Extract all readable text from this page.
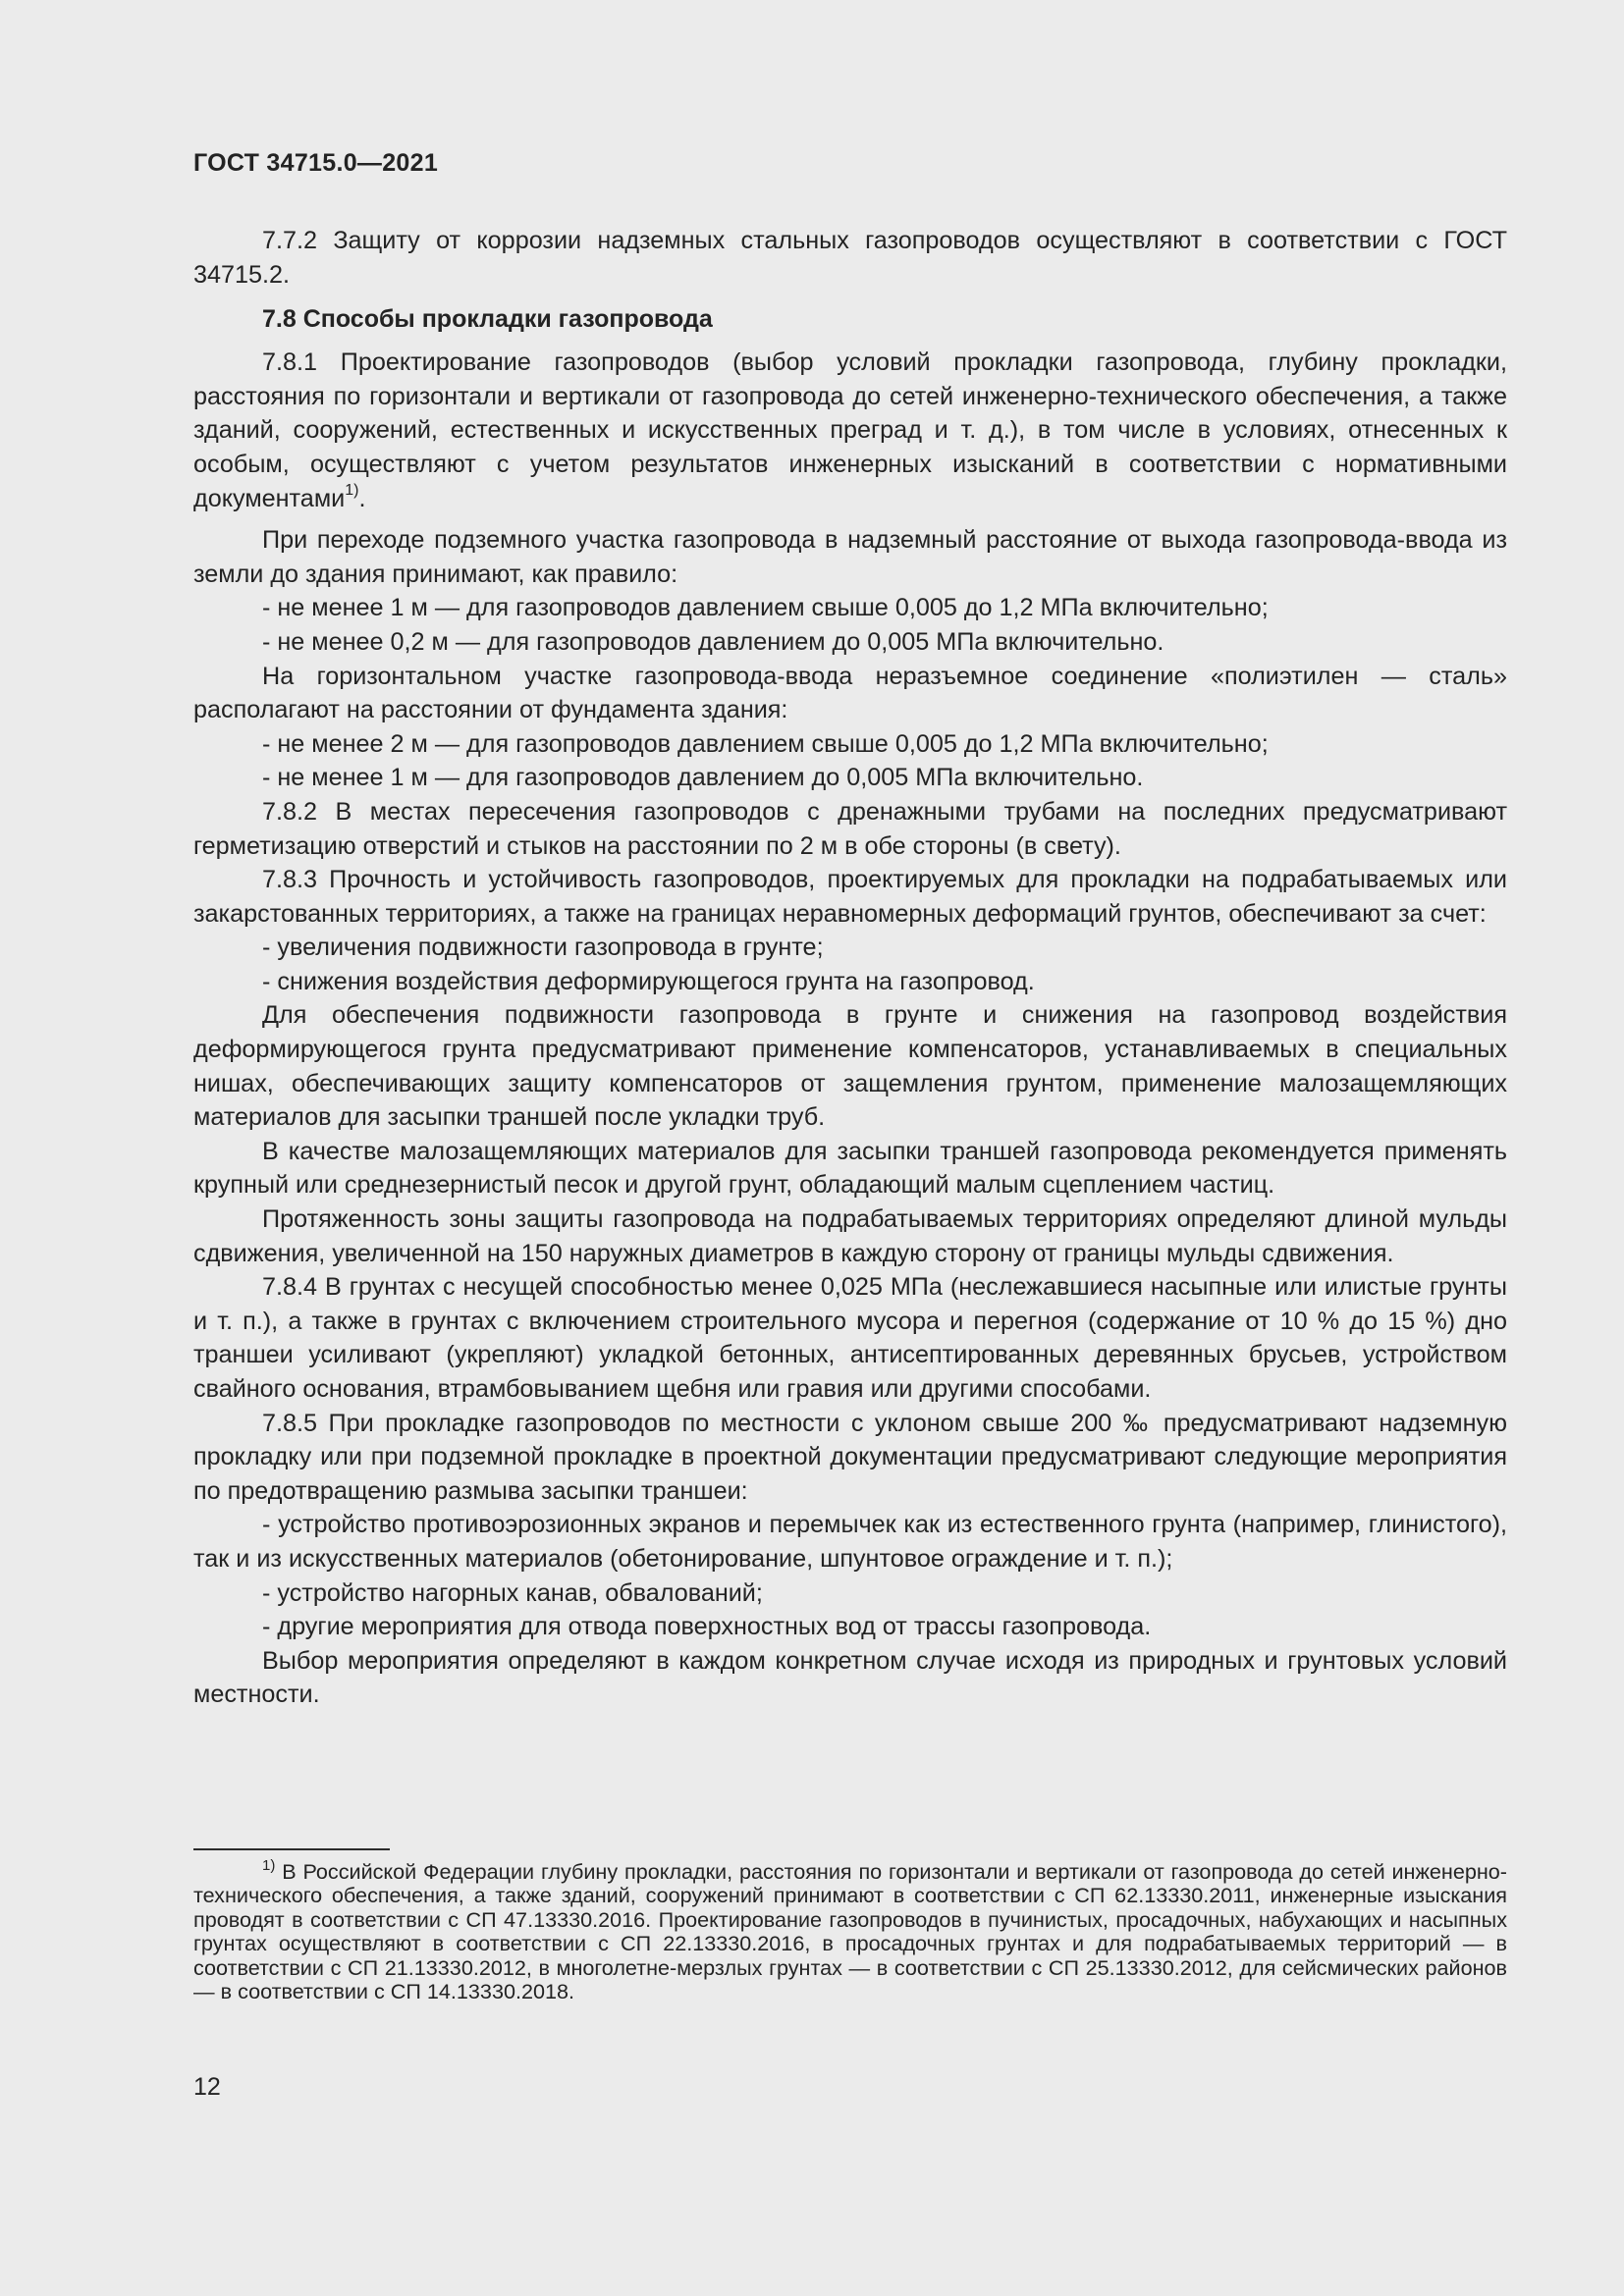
ГОСТ 34715.0—2021

7.7.2 Защиту от коррозии надземных стальных газопроводов осуществляют в соответствии с ГОСТ 34715.2.

7.8 Способы прокладки газопровода

7.8.1 Проектирование газопроводов (выбор условий прокладки газопровода, глубину прокладки, расстояния по горизонтали и вертикали от газопровода до сетей инженерно-технического обеспечения, а также зданий, сооружений, естественных и искусственных преград и т. д.), в том числе в условиях, отнесенных к особым, осуществляют с учетом результатов инженерных изысканий в соответствии с нормативными документами$^{1)}$.

При переходе подземного участка газопровода в надземный расстояние от выхода газопровода-ввода из земли до здания принимают, как правило:

- не менее 1 м — для газопроводов давлением свыше 0,005 до 1,2 МПа включительно;

- не менее 0,2 м — для газопроводов давлением до 0,005 МПа включительно.

На горизонтальном участке газопровода-ввода неразъемное соединение «полиэтилен — сталь» располагают на расстоянии от фундамента здания:

- не менее 2 м — для газопроводов давлением свыше 0,005 до 1,2 МПа включительно;

- не менее 1 м — для газопроводов давлением до 0,005 МПа включительно.

7.8.2 В местах пересечения газопроводов с дренажными трубами на последних предусматривают герметизацию отверстий и стыков на расстоянии по 2 м в обе стороны (в свету).

7.8.3 Прочность и устойчивость газопроводов, проектируемых для прокладки на подрабатываемых или закарстованных территориях, а также на границах неравномерных деформаций грунтов, обеспечивают за счет:

- увеличения подвижности газопровода в грунте;

- снижения воздействия деформирующегося грунта на газопровод.

Для обеспечения подвижности газопровода в грунте и снижения на газопровод воздействия деформирующегося грунта предусматривают применение компенсаторов, устанавливаемых в специальных нишах, обеспечивающих защиту компенсаторов от защемления грунтом, применение малозащемляющих материалов для засыпки траншей после укладки труб.

В качестве малозащемляющих материалов для засыпки траншей газопровода рекомендуется применять крупный или среднезернистый песок и другой грунт, обладающий малым сцеплением частиц.

Протяженность зоны защиты газопровода на подрабатываемых территориях определяют длиной мульды сдвижения, увеличенной на 150 наружных диаметров в каждую сторону от границы мульды сдвижения.

7.8.4 В грунтах с несущей способностью менее 0,025 МПа (неслежавшиеся насыпные или илистые грунты и т. п.), а также в грунтах с включением строительного мусора и перегноя (содержание от 10 % до 15 %) дно траншеи усиливают (укрепляют) укладкой бетонных, антисептированных деревянных брусьев, устройством свайного основания, втрамбовыванием щебня или гравия или другими способами.

7.8.5 При прокладке газопроводов по местности с уклоном свыше 200 ‰ предусматривают надземную прокладку или при подземной прокладке в проектной документации предусматривают следующие мероприятия по предотвращению размыва засыпки траншеи:

- устройство противоэрозионных экранов и перемычек как из естественного грунта (например, глинистого), так и из искусственных материалов (обетонирование, шпунтовое ограждение и т. п.);

- устройство нагорных канав, обвалований;

- другие мероприятия для отвода поверхностных вод от трассы газопровода.

Выбор мероприятия определяют в каждом конкретном случае исходя из природных и грунтовых условий местности.

$^{1)}$ В Российской Федерации глубину прокладки, расстояния по горизонтали и вертикали от газопровода до сетей инженерно-технического обеспечения, а также зданий, сооружений принимают в соответствии с СП 62.13330.2011, инженерные изыскания проводят в соответствии с СП 47.13330.2016. Проектирование газопроводов в пучинистых, просадочных, набухающих и насыпных грунтах осуществляют в соответствии с СП 22.13330.2016, в просадочных грунтах и для подрабатываемых территорий — в соответствии с СП 21.13330.2012, в многолетне-мерзлых грунтах — в соответствии с СП 25.13330.2012, для сейсмических районов — в соответствии с СП 14.13330.2018.

12
